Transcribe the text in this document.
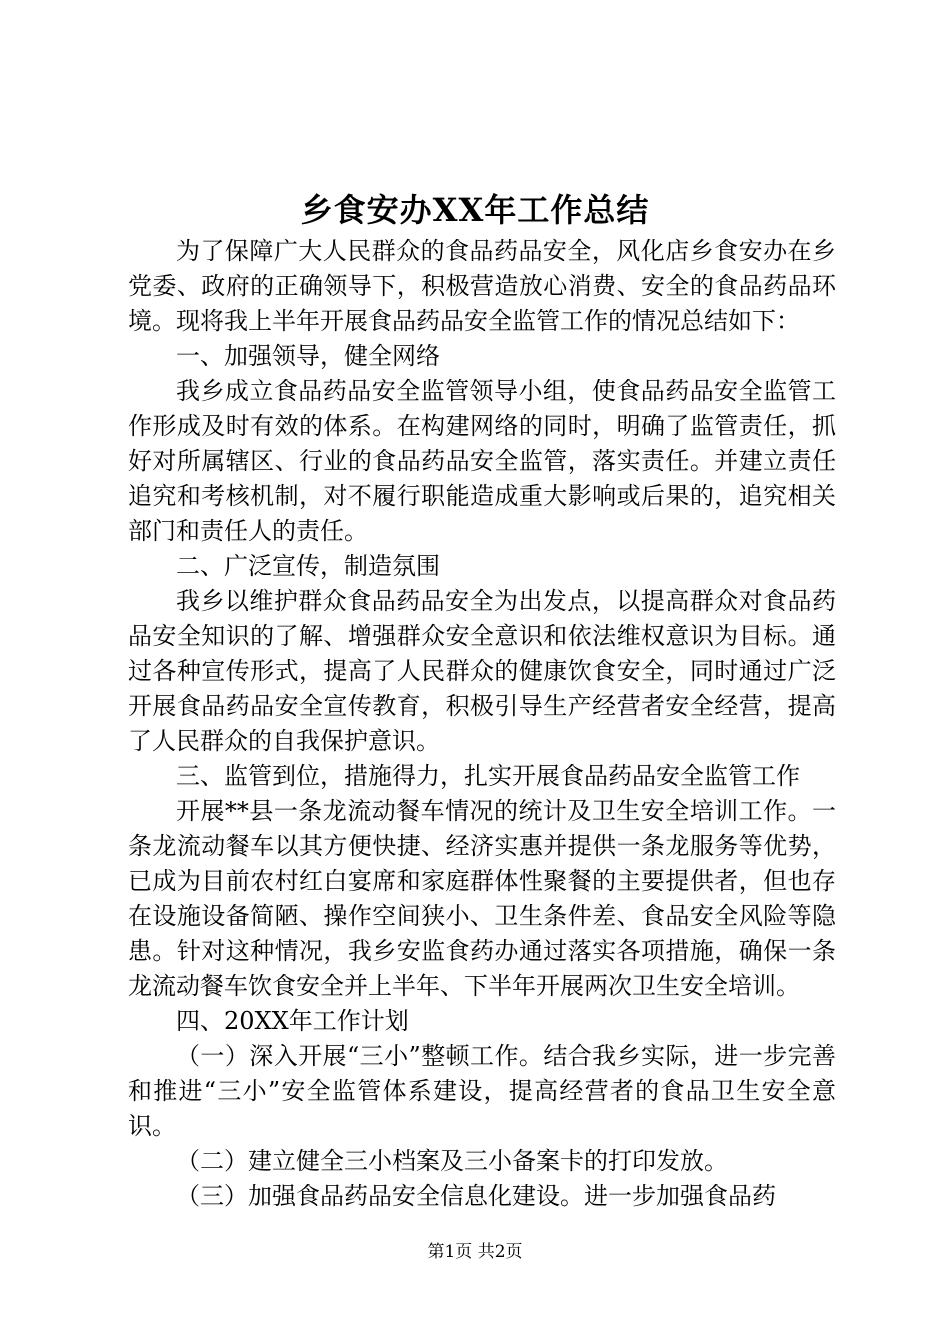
乡食安办XX年工作总结

为了保障广大人民群众的食品药品安全，风化店乡食安办在乡党委、政府的正确领导下，积极营造放心消费、安全的食品药品环境。现将我上半年开展食品药品安全监管工作的情况总结如下：

一、加强领导，健全网络

我乡成立食品药品安全监管领导小组，使食品药品安全监管工作形成及时有效的体系。在构建网络的同时，明确了监管责任，抓好对所属辖区、行业的食品药品安全监管，落实责任。并建立责任追究和考核机制，对不履行职能造成重大影响或后果的，追究相关部门和责任人的责任。

二、广泛宣传，制造氛围

我乡以维护群众食品药品安全为出发点，以提高群众对食品药品安全知识的了解、增强群众安全意识和依法维权意识为目标。通过各种宣传形式，提高了人民群众的健康饮食安全，同时通过广泛开展食品药品安全宣传教育，积极引导生产经营者安全经营，提高了人民群众的自我保护意识。

三、监管到位，措施得力，扎实开展食品药品安全监管工作

开展**县一条龙流动餐车情况的统计及卫生安全培训工作。一条龙流动餐车以其方便快捷、经济实惠并提供一条龙服务等优势，已成为目前农村红白宴席和家庭群体性聚餐的主要提供者，但也存在设施设备简陋、操作空间狭小、卫生条件差、食品安全风险等隐患。针对这种情况，我乡安监食药办通过落实各项措施，确保一条龙流动餐车饮食安全并上半年、下半年开展两次卫生安全培训。

四、20XX年工作计划

（一）深入开展“三小”整顿工作。结合我乡实际，进一步完善和推进“三小”安全监管体系建设，提高经营者的食品卫生安全意识。

（二）建立健全三小档案及三小备案卡的打印发放。

（三）加强食品药品安全信息化建设。进一步加强食品药

第1页 共2页
